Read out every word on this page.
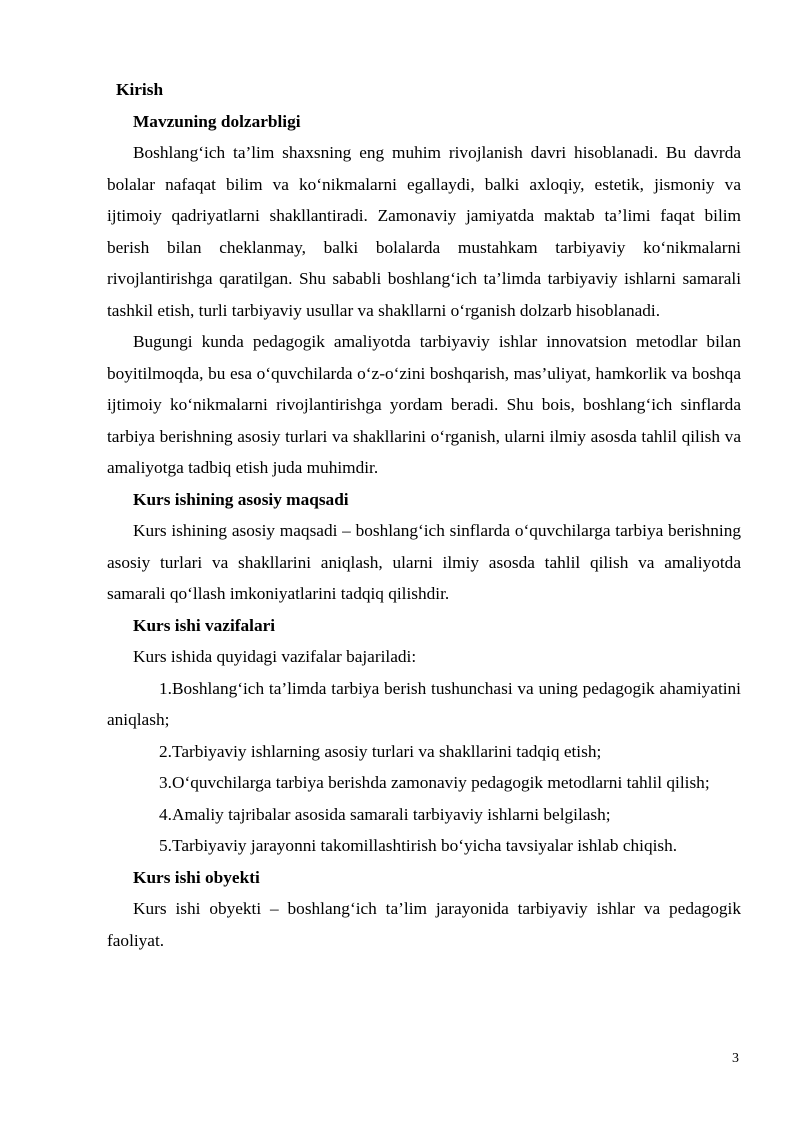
Kirish

Mavzuning dolzarbligi

Boshlang‘ich ta’lim shaxsning eng muhim rivojlanish davri hisoblanadi. Bu davrda bolalar nafaqat bilim va ko‘nikmalarni egallaydi, balki axloqiy, estetik, jismoniy va ijtimoiy qadriyatlarni shakllantiradi. Zamonaviy jamiyatda maktab ta’limi faqat bilim berish bilan cheklanmay, balki bolalarda mustahkam tarbiyaviy ko‘nikmalarni rivojlantirishga qaratilgan. Shu sababli boshlang‘ich ta’limda tarbiyaviy ishlarni samarali tashkil etish, turli tarbiyaviy usullar va shakllarni o‘rganish dolzarb hisoblanadi.

Bugungi kunda pedagogik amaliyotda tarbiyaviy ishlar innovatsion metodlar bilan boyitilmoqda, bu esa o‘quvchilarda o‘z-o‘zini boshqarish, mas’uliyat, hamkorlik va boshqa ijtimoiy ko‘nikmalarni rivojlantirishga yordam beradi. Shu bois, boshlang‘ich sinflarda tarbiya berishning asosiy turlari va shakllarini o‘rganish, ularni ilmiy asosda tahlil qilish va amaliyotga tadbiq etish juda muhimdir.

Kurs ishining asosiy maqsadi

Kurs ishining asosiy maqsadi – boshlang‘ich sinflarda o‘quvchilarga tarbiya berishning asosiy turlari va shakllarini aniqlash, ularni ilmiy asosda tahlil qilish va amaliyotda samarali qo‘llash imkoniyatlarini tadqiq qilishdir.

Kurs ishi vazifalari

Kurs ishida quyidagi vazifalar bajariladi:

1.Boshlang‘ich ta’limda tarbiya berish tushunchasi va uning pedagogik ahamiyatini aniqlash;

2.Tarbiyaviy ishlarning asosiy turlari va shakllarini tadqiq etish;

3.O‘quvchilarga tarbiya berishda zamonaviy pedagogik metodlarni tahlil qilish;

4.Amaliy tajribalar asosida samarali tarbiyaviy ishlarni belgilash;

5.Tarbiyaviy jarayonni takomillashtirish bo‘yicha tavsiyalar ishlab chiqish.

Kurs ishi obyekti

Kurs ishi obyekti – boshlang‘ich ta’lim jarayonida tarbiyaviy ishlar va pedagogik faoliyat.

3
